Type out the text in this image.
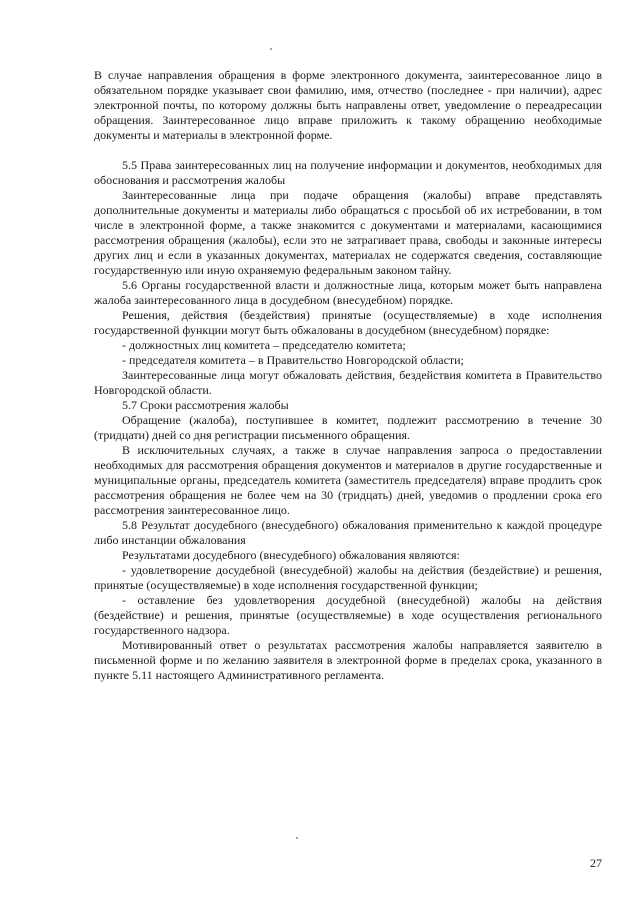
В случае направления обращения в форме электронного документа, заинтересованное лицо в обязательном порядке указывает свои фамилию, имя, отчество (последнее - при наличии), адрес электронной почты, по которому должны быть направлены ответ, уведомление о переадресации обращения. Заинтересованное лицо вправе приложить к такому обращению необходимые документы и материалы в электронной форме.

5.5 Права заинтересованных лиц на получение информации и документов, необходимых для обоснования и рассмотрения жалобы

Заинтересованные лица при подаче обращения (жалобы) вправе представлять дополнительные документы и материалы либо обращаться с просьбой об их истребовании, в том числе в электронной форме, а также знакомится с документами и материалами, касающимися рассмотрения обращения (жалобы), если это не затрагивает права, свободы и законные интересы других лиц и если в указанных документах, материалах не содержатся сведения, составляющие государственную или иную охраняемую федеральным законом тайну.

5.6 Органы государственной власти и должностные лица, которым может быть направлена жалоба заинтересованного лица в досудебном (внесудебном) порядке.

Решения, действия (бездействия) принятые (осуществляемые) в ходе исполнения государственной функции могут быть обжалованы в досудебном (внесудебном) порядке:

- должностных лиц комитета – председателю комитета;

- председателя комитета – в Правительство Новгородской области;

Заинтересованные лица могут обжаловать действия, бездействия комитета в Правительство Новгородской области.

5.7 Сроки рассмотрения жалобы

Обращение (жалоба), поступившее в комитет, подлежит рассмотрению в течение 30 (тридцати) дней со дня регистрации письменного обращения.

В исключительных случаях, а также в случае направления запроса о предоставлении необходимых для рассмотрения обращения документов и материалов в другие государственные и муниципальные органы, председатель комитета (заместитель председателя) вправе продлить срок рассмотрения обращения не более чем на 30 (тридцать) дней, уведомив о продлении срока его рассмотрения заинтересованное лицо.

5.8 Результат досудебного (внесудебного) обжалования применительно к каждой процедуре либо инстанции обжалования

Результатами досудебного (внесудебного) обжалования являются:

- удовлетворение досудебной (внесудебной) жалобы на действия (бездействие) и решения, принятые (осуществляемые) в ходе исполнения государственной функции;

- оставление без удовлетворения досудебной (внесудебной) жалобы на действия (бездействие) и решения, принятые (осуществляемые) в ходе осуществления регионального государственного надзора.

Мотивированный ответ о результатах рассмотрения жалобы направляется заявителю в письменной форме и по желанию заявителя в электронной форме в пределах срока, указанного в пункте 5.11 настоящего Административного регламента.

27
